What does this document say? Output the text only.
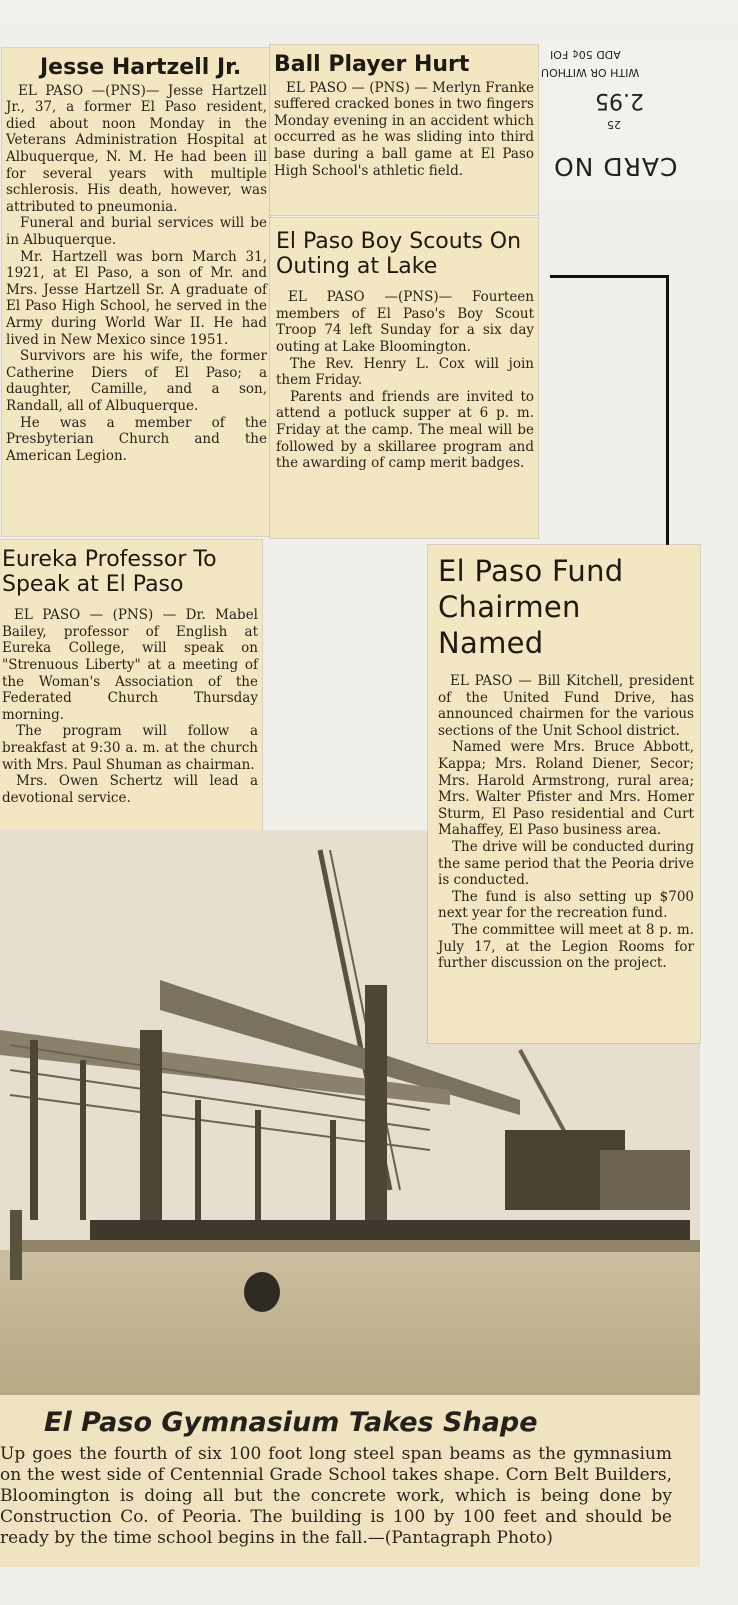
ADD 50¢ FOI
WITH OR WITHOU
2.95
25
CARD NO
Jesse Hartzell Jr.

EL PASO —(PNS)— Jesse Hartzell Jr., 37, a former El Paso resident, died about noon Monday in the Veterans Administration Hospital at Albuquerque, N. M. He had been ill for several years with multiple schlerosis. His death, however, was attributed to pneumonia.

Funeral and burial services will be in Albuquerque.

Mr. Hartzell was born March 31, 1921, at El Paso, a son of Mr. and Mrs. Jesse Hartzell Sr. A graduate of El Paso High School, he served in the Army during World War II. He had lived in New Mexico since 1951.

Survivors are his wife, the former Catherine Diers of El Paso; a daughter, Camille, and a son, Randall, all of Albuquerque.

He was a member of the Presbyterian Church and the American Legion.

Ball Player Hurt

EL PASO — (PNS) — Merlyn Franke suffered cracked bones in two fingers Monday evening in an accident which occurred as he was sliding into third base during a ball game at El Paso High School's athletic field.

El Paso Boy Scouts On Outing at Lake

EL PASO —(PNS)— Fourteen members of El Paso's Boy Scout Troop 74 left Sunday for a six day outing at Lake Bloomington.

The Rev. Henry L. Cox will join them Friday.

Parents and friends are invited to attend a potluck supper at 6 p. m. Friday at the camp. The meal will be followed by a skillaree program and the awarding of camp merit badges.

Eureka Professor To Speak at El Paso

EL PASO — (PNS) — Dr. Mabel Bailey, professor of English at Eureka College, will speak on "Strenuous Liberty" at a meeting of the Woman's Association of the Federated Church Thursday morning.

The program will follow a breakfast at 9:30 a. m. at the church with Mrs. Paul Shuman as chairman.

Mrs. Owen Schertz will lead a devotional service.

El Paso Fund Chairmen Named

EL PASO — Bill Kitchell, president of the United Fund Drive, has announced chairmen for the various sections of the Unit School district.

Named were Mrs. Bruce Abbott, Kappa; Mrs. Roland Diener, Secor; Mrs. Harold Armstrong, rural area; Mrs. Walter Pfister and Mrs. Homer Sturm, El Paso residential and Curt Mahaffey, El Paso business area.

The drive will be conducted during the same period that the Peoria drive is conducted.

The fund is also setting up $700 next year for the recreation fund.

The committee will meet at 8 p. m. July 17, at the Legion Rooms for further discussion on the project.

El Paso Gymnasium Takes Shape

Up goes the fourth of six 100 foot long steel span beams as the gymnasium on the west side of Centennial Grade School takes shape. Corn Belt Builders, Bloomington is doing all but the concrete work, which is being done by Construction Co. of Peoria. The building is 100 by 100 feet and should be ready by the time school begins in the fall.—(Pantagraph Photo)
